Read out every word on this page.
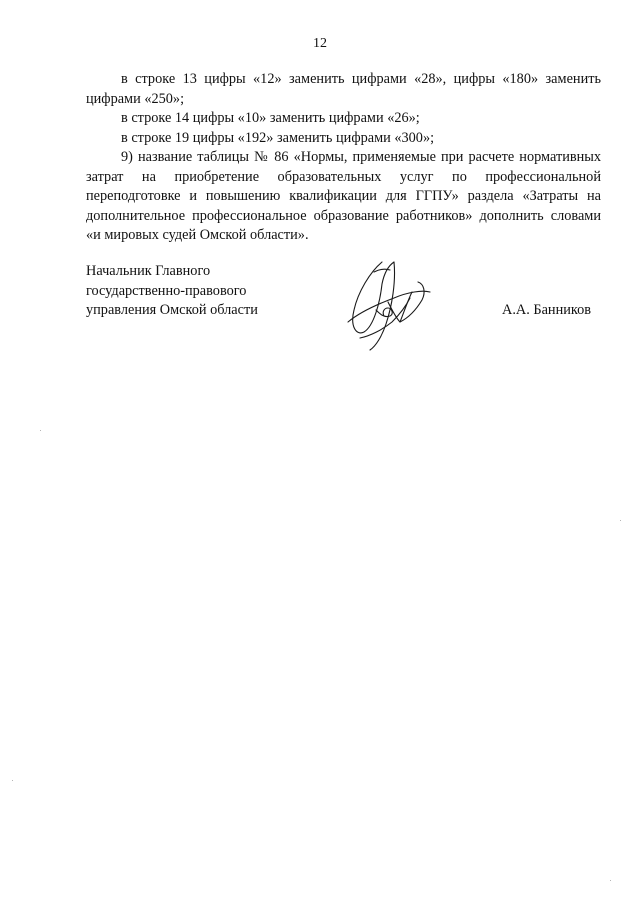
12

в строке 13 цифры «12» заменить цифрами «28», цифры «180» заменить цифрами «250»;

в строке 14 цифры «10» заменить цифрами «26»;

в строке 19 цифры «192» заменить цифрами «300»;

9) название таблицы № 86 «Нормы, применяемые при расчете нормативных затрат на приобретение образовательных услуг по профессиональной переподготовке и повышению квалификации для ГГПУ» раздела «Затраты на дополнительное профессиональное образование работников» дополнить словами «и мировых судей Омской области».

Начальник Главного
государственно-правового
управления Омской области	А.А. Банников
